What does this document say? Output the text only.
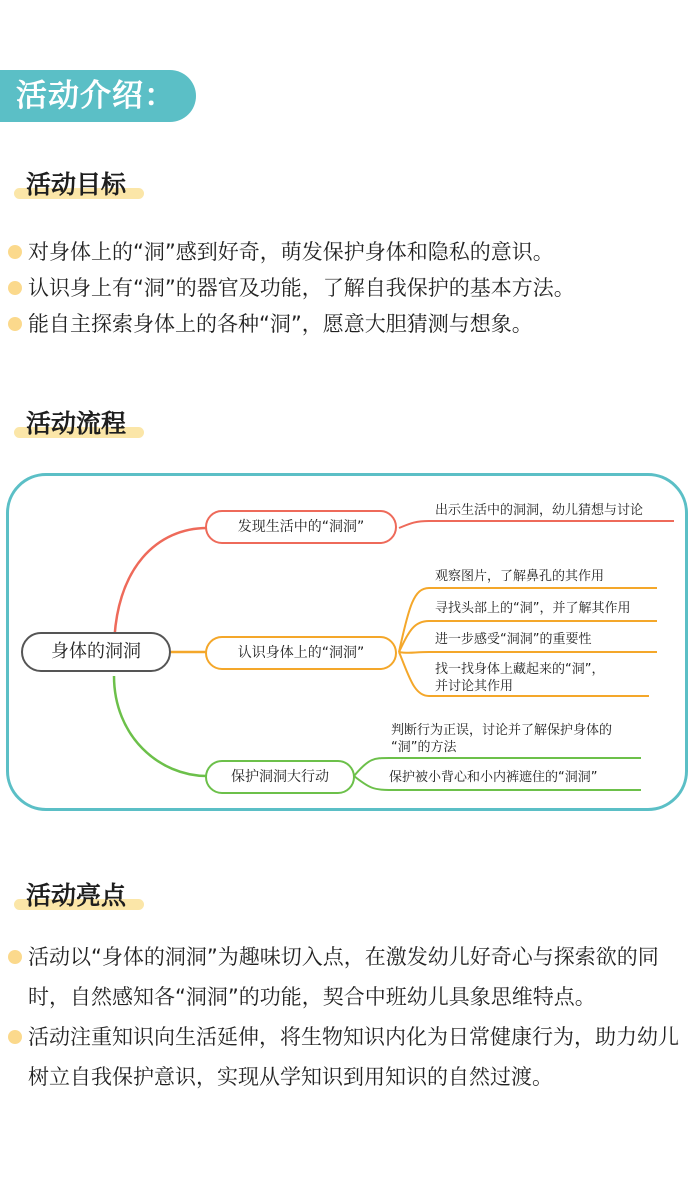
活动介绍：
活动目标
对身体上的“洞”感到好奇，萌发保护身体和隐私的意识。
认识身上有“洞”的器官及功能，了解自我保护的基本方法。
能自主探索身体上的各种“洞”，愿意大胆猜测与想象。
活动流程
身体的洞洞
发现生活中的“洞洞”
认识身体上的“洞洞”
保护洞洞大行动
出示生活中的洞洞，幼儿猜想与讨论
观察图片，了解鼻孔的其作用
寻找头部上的“洞”，并了解其作用
进一步感受“洞洞”的重要性
找一找身体上藏起来的“洞”，
并讨论其作用
判断行为正误，讨论并了解保护身体的
“洞”的方法
保护被小背心和小内裤遮住的“洞洞”
活动亮点
活动以“身体的洞洞”为趣味切入点，在激发幼儿好奇心与探索欲的同时，自然感知各“洞洞”的功能，契合中班幼儿具象思维特点。
活动注重知识向生活延伸，将生物知识内化为日常健康行为，助力幼儿树立自我保护意识，实现从学知识到用知识的自然过渡。
